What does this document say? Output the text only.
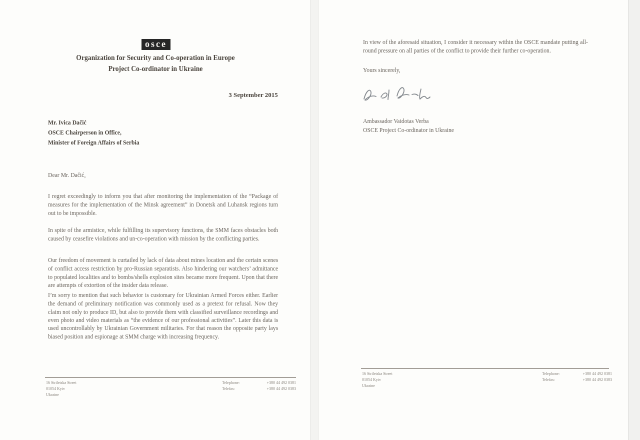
osce
Organization for Security and Co-operation in Europe
Project Co-ordinator in Ukraine
3 September 2015
Mr. Ivica Dačić
OSCE Chairperson in Office,
Minister of Foreign Affairs of Serbia
Dear Mr. Dačić,
I regret exceedingly to inform you that after monitoring the implementation of the “Package of measures for the implementation of the Minsk agreement” in Donetsk and Luhansk regions turn out to be impossible.
In spite of the armistice, while fulfilling its supervisory functions, the SMM faces obstacles both caused by ceasefire violations and un-co-operation with mission by the conflicting parties.
Our freedom of movement is curtailed by lack of data about mines location and the certain scenes of conflict access restriction by pro-Russian separatists. Also hindering our watchers’ admittance to populated localities and to bombs/shells explosion sites became more frequent. Upon that there are attempts of extortion of the insider data release.
I’m sorry to mention that such behavior is customary for Ukrainian Armed Forces either. Earlier the demand of preliminary notification was commonly used as a pretext for refusal. Now they claim not only to produce ID, but also to provide them with classified surveillance recordings and even photo and video materials as “the evidence of our professional activities”. Later this data is used uncontrollably by Ukrainian Government militaries. For that reason the opposite party lays biased position and espionage at SMM charge with increasing frequency.
16 Striletska Street
01054 Kyiv
Ukraine
Telephone:	+380 44 492 0381
Telefax:	+380 44 492 0383
In view of the aforesaid situation, I consider it necessary within the OSCE mandate putting all-round pressure on all parties of the conflict to provide their further co-operation.
Yours sincerely,
Ambassador Vaidotas Verba
OSCE Project Co-ordinator in Ukraine
16 Striletska Street
01054 Kyiv
Ukraine
Telephone:	+380 44 492 0381
Telefax:	+380 44 492 0383
